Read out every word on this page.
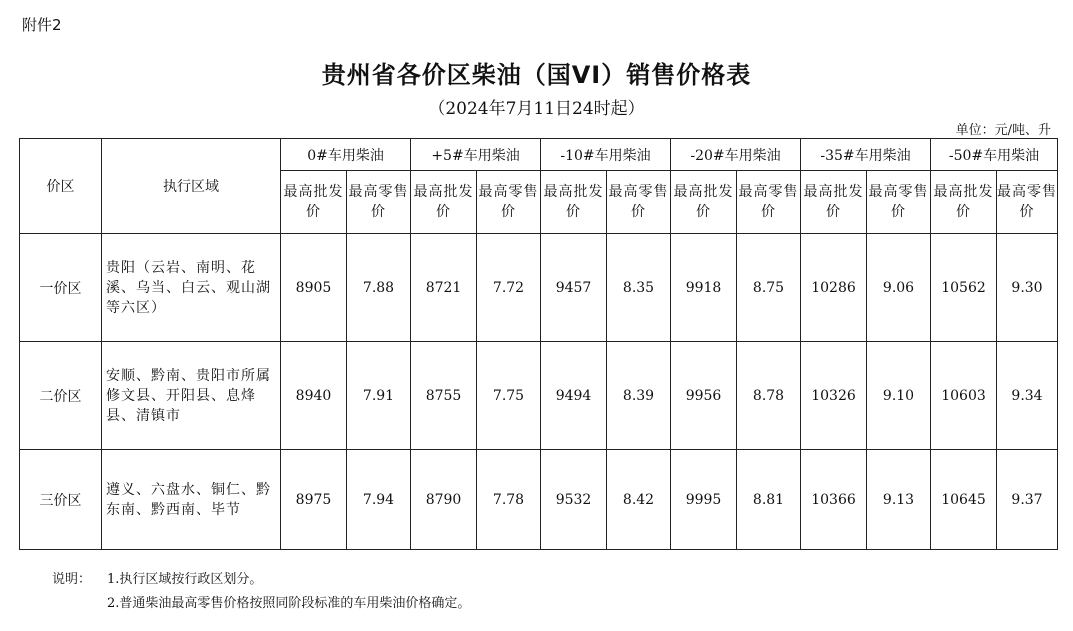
附件2
贵州省各价区柴油（国VI）销售价格表
（2024年7月11日24时起）
单位：元/吨、升
价区	执行区域	0#车用柴油		+5#车用柴油		-10#车用柴油		-20#车用柴油		-35#车用柴油		-50#车用柴油	
		最高批发价	最高零售价	最高批发价	最高零售价	最高批发价	最高零售价	最高批发价	最高零售价	最高批发价	最高零售价	最高批发价	最高零售价
一价区	贵阳（云岩、南明、花溪、乌当、白云、观山湖等六区）	8905	7.88	8721	7.72	9457	8.35	9918	8.75	10286	9.06	10562	9.30
二价区	安顺、黔南、贵阳市所属修文县、开阳县、息烽县、清镇市	8940	7.91	8755	7.75	9494	8.39	9956	8.78	10326	9.10	10603	9.34
三价区	遵义、六盘水、铜仁、黔东南、黔西南、毕节	8975	7.94	8790	7.78	9532	8.42	9995	8.81	10366	9.13	10645	9.37
说明： 1.执行区域按行政区划分。
2.普通柴油最高零售价格按照同阶段标准的车用柴油价格确定。
